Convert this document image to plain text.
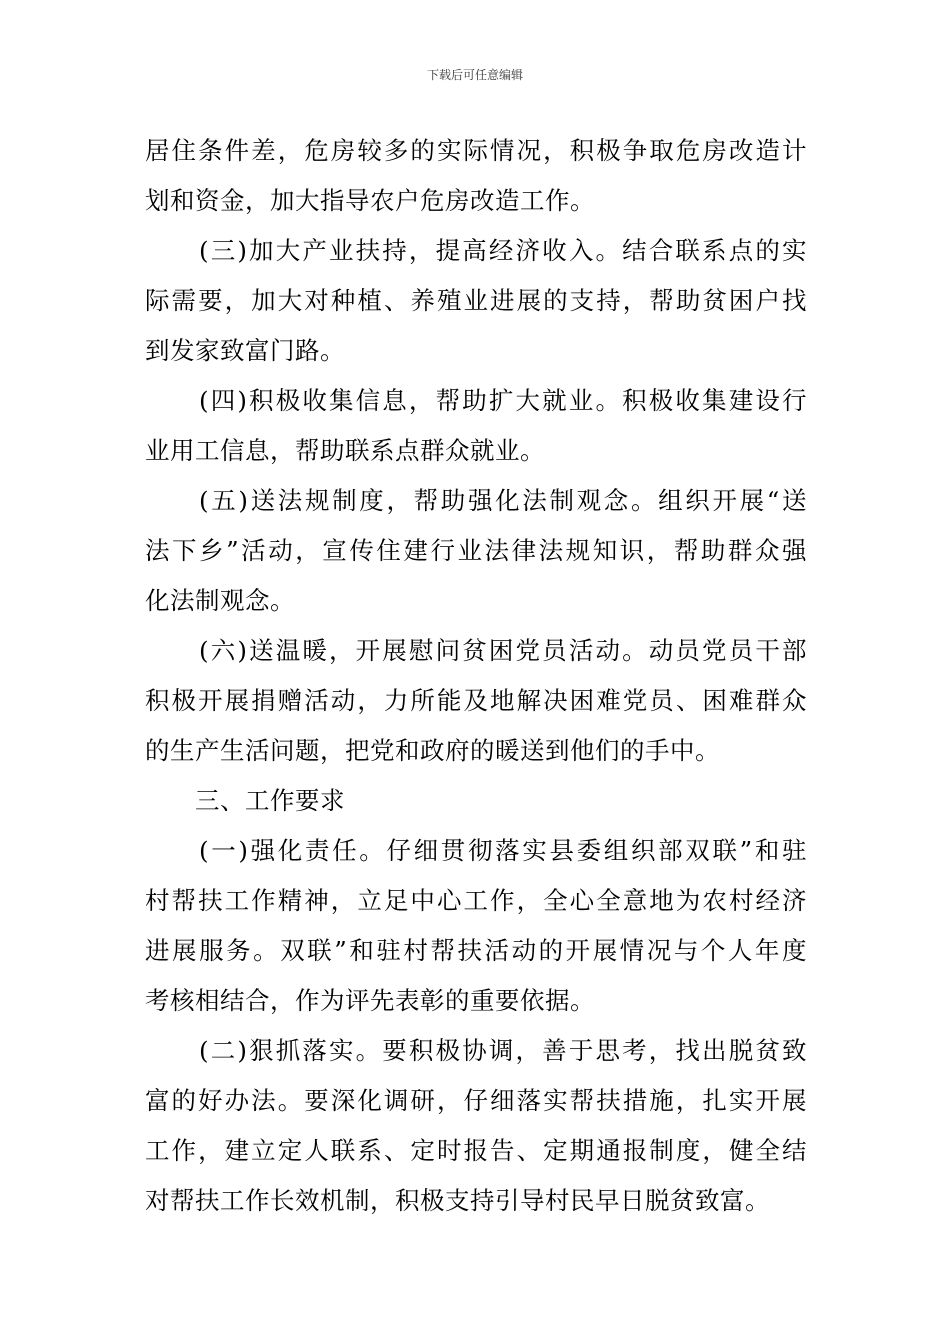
下载后可任意编辑
居住条件差，危房较多的实际情况，积极争取危房改造计
划和资金，加大指导农户危房改造工作。
(三)加大产业扶持，提高经济收入。结合联系点的实
际需要，加大对种植、养殖业进展的支持，帮助贫困户找
到发家致富门路。
(四)积极收集信息，帮助扩大就业。积极收集建设行
业用工信息，帮助联系点群众就业。
(五)送法规制度，帮助强化法制观念。组织开展“送
法下乡”活动，宣传住建行业法律法规知识，帮助群众强
化法制观念。
(六)送温暖，开展慰问贫困党员活动。动员党员干部
积极开展捐赠活动，力所能及地解决困难党员、困难群众
的生产生活问题，把党和政府的暖送到他们的手中。
三、工作要求
(一)强化责任。仔细贯彻落实县委组织部双联”和驻
村帮扶工作精神，立足中心工作，全心全意地为农村经济
进展服务。双联”和驻村帮扶活动的开展情况与个人年度
考核相结合，作为评先表彰的重要依据。
(二)狠抓落实。要积极协调，善于思考，找出脱贫致
富的好办法。要深化调研，仔细落实帮扶措施，扎实开展
工作，建立定人联系、定时报告、定期通报制度，健全结
对帮扶工作长效机制，积极支持引导村民早日脱贫致富。
